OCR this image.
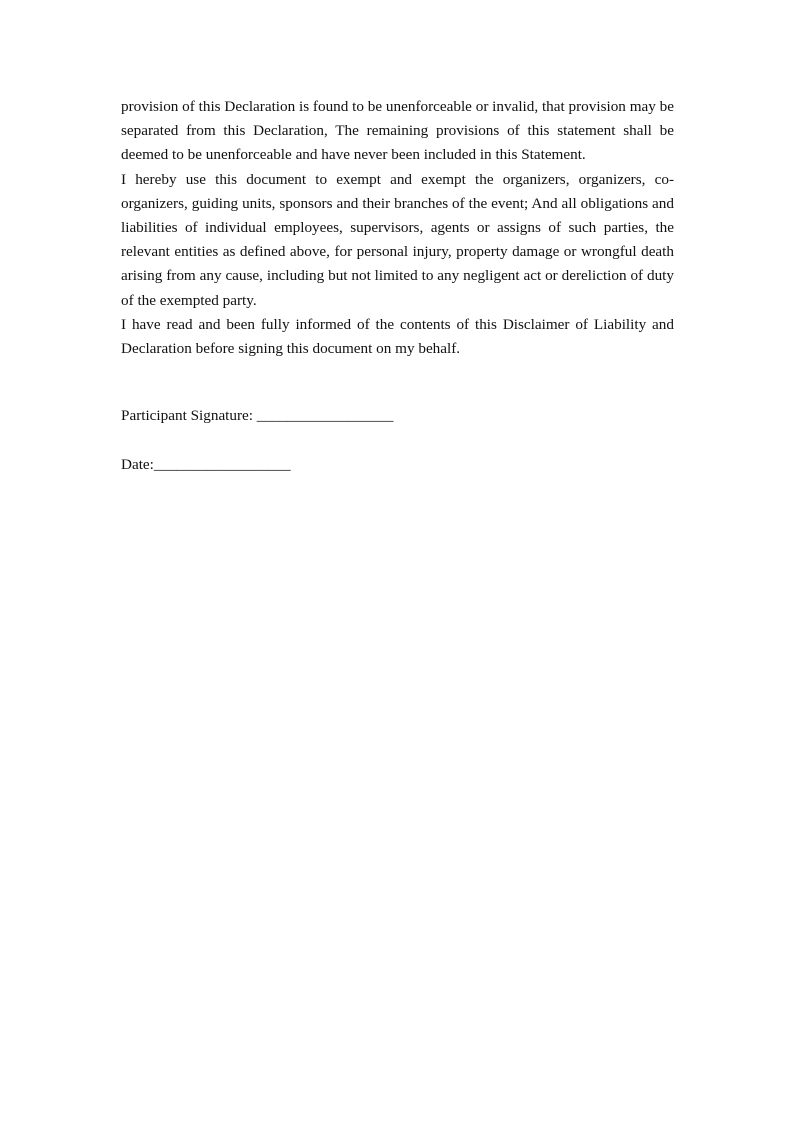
provision of this Declaration is found to be unenforceable or invalid, that provision may be separated from this Declaration, The remaining provisions of this statement shall be deemed to be unenforceable and have never been included in this Statement.

I hereby use this document to exempt and exempt the organizers, organizers, co-organizers, guiding units, sponsors and their branches of the event; And all obligations and liabilities of individual employees, supervisors, agents or assigns of such parties, the relevant entities as defined above, for personal injury, property damage or wrongful death arising from any cause, including but not limited to any negligent act or dereliction of duty of the exempted party.

I have read and been fully informed of the contents of this Disclaimer of Liability and Declaration before signing this document on my behalf.

Participant Signature: __________________

Date:__________________
